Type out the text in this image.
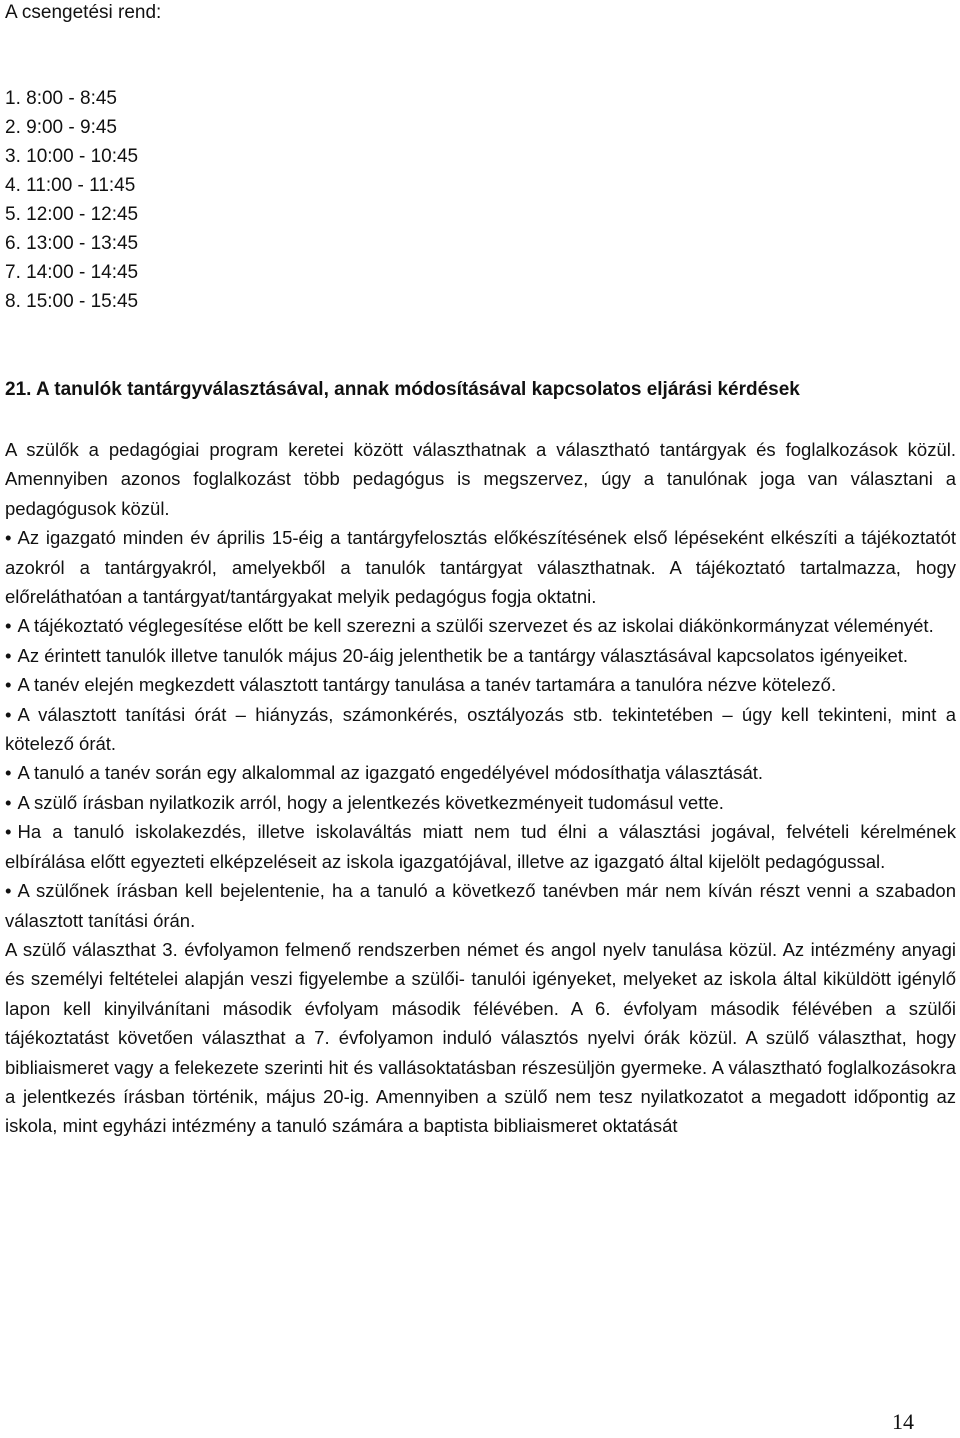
A csengetési rend:
1. 8:00 - 8:45
2. 9:00 - 9:45
3. 10:00 - 10:45
4. 11:00 - 11:45
5. 12:00 - 12:45
6. 13:00 - 13:45
7. 14:00 - 14:45
8. 15:00 - 15:45
21. A tanulók tantárgyválasztásával, annak módosításával kapcsolatos eljárási kérdések

A szülők a pedagógiai program keretei között választhatnak a választható tantárgyak és foglalkozások közül. Amennyiben azonos foglalkozást több pedagógus is megszervez, úgy a tanulónak joga van választani a pedagógusok közül.

• Az igazgató minden év április 15-éig a tantárgyfelosztás előkészítésének első lépéseként elkészíti a tájékoztatót azokról a tantárgyakról, amelyekből a tanulók tantárgyat választhatnak. A tájékoztató tartalmazza, hogy előreláthatóan a tantárgyat/tantárgyakat melyik pedagógus fogja oktatni.

• A tájékoztató véglegesítése előtt be kell szerezni a szülői szervezet és az iskolai diákönkormányzat véleményét.

• Az érintett tanulók illetve tanulók május 20-áig jelenthetik be a tantárgy választásával kapcsolatos igényeiket.

• A tanév elején megkezdett választott tantárgy tanulása a tanév tartamára a tanulóra nézve kötelező.

• A választott tanítási órát – hiányzás, számonkérés, osztályozás stb. tekintetében – úgy kell tekinteni, mint a kötelező órát.

• A tanuló a tanév során egy alkalommal az igazgató engedélyével módosíthatja választását.

• A szülő írásban nyilatkozik arról, hogy a jelentkezés következményeit tudomásul vette.

• Ha a tanuló iskolakezdés, illetve iskolaváltás miatt nem tud élni a választási jogával, felvételi kérelmének elbírálása előtt egyezteti elképzeléseit az iskola igazgatójával, illetve az igazgató által kijelölt pedagógussal.

• A szülőnek írásban kell bejelentenie, ha a tanuló a következő tanévben már nem kíván részt venni a szabadon választott tanítási órán.

A szülő választhat 3. évfolyamon felmenő rendszerben német és angol nyelv tanulása közül. Az intézmény anyagi és személyi feltételei alapján veszi figyelembe a szülői- tanulói igényeket, melyeket az iskola által kiküldött igénylő lapon kell kinyilvánítani második évfolyam második félévében. A 6. évfolyam második félévében a szülői tájékoztatást követően választhat a 7. évfolyamon induló választós nyelvi órák közül. A szülő választhat, hogy bibliaismeret vagy a felekezete szerinti hit és vallásoktatásban részesüljön gyermeke. A választható foglalkozásokra a jelentkezés írásban történik, május 20-ig. Amennyiben a szülő nem tesz nyilatkozatot a megadott időpontig az iskola, mint egyházi intézmény a tanuló számára a baptista bibliaismeret oktatását

14
